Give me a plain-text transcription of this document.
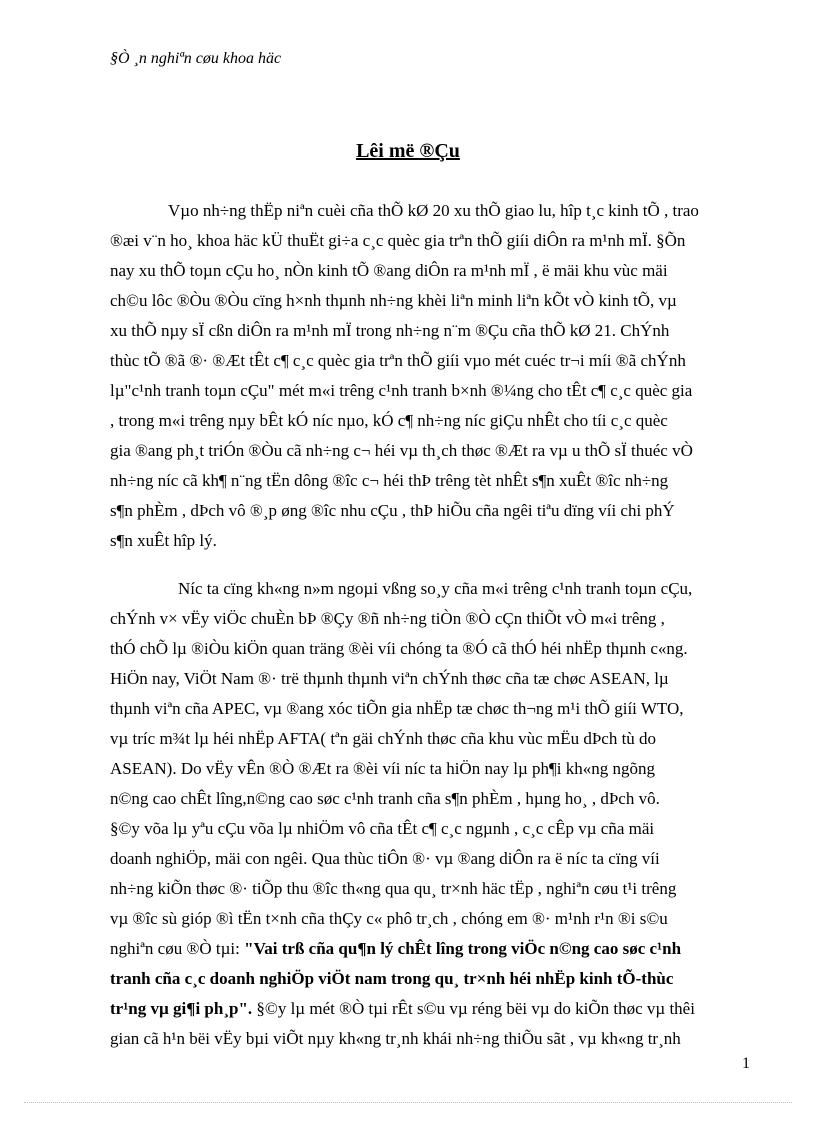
§Ò ¸n nghiªn cøu khoa häc
Lêi më ®Çu
Vµo nh÷ng thËp niªn cuèi cña thÕ kØ 20 xu thÕ giao lu, hîp t¸c kinh tÕ , trao
®æi v¨n ho¸ khoa häc kÜ thuËt gi÷a c¸c quèc gia trªn thÕ giíi diÔn ra m¹nh mÏ. §Õn
nay xu thÕ toµn cÇu ho¸ nÒn kinh tÕ ®ang diÔn ra m¹nh mÏ , ë mäi khu vùc mäi
ch©u lôc ®Òu ®Òu cïng h×nh thµnh nh÷ng khèi liªn minh liªn kÕt vÒ kinh tÕ, vµ
xu thÕ nµy sÏ cßn diÔn ra m¹nh mÏ trong nh÷ng n¨m ®Çu cña thÕ kØ 21. ChÝnh
thùc tÕ ®ã ®· ®Æt tÊt c¶ c¸c quèc gia trªn thÕ giíi vµo mét cuéc tr¬i míi ®ã chÝnh
lµ"c¹nh tranh toµn cÇu" mét m«i trêng c¹nh tranh b×nh ®¼ng cho tÊt c¶ c¸c quèc gia
, trong m«i trêng nµy bÊt kÓ níc nµo, kÓ c¶ nh÷ng níc giÇu nhÊt cho tíi c¸c quèc
gia ®ang ph¸t triÓn ®Òu cã nh÷ng c¬ héi vµ th¸ch thøc ®Æt ra vµ u thÕ sÏ thuéc vÒ
nh÷ng níc cã kh¶ n¨ng tËn dông ®îc c¬ héi thÞ trêng tèt nhÊt s¶n xuÊt ®îc nh÷ng
s¶n phÈm , dÞch vô ®¸p øng ®îc nhu cÇu , thÞ hiÕu cña ngêi tiªu dïng víi chi phÝ
s¶n xuÊt hîp lý.
Níc ta cïng kh«ng n»m ngoµi vßng so¸y cña m«i trêng c¹nh tranh toµn cÇu,
chÝnh v× vËy viÖc chuÈn bÞ ®Çy ®ñ nh÷ng tiÒn ®Ò cÇn thiÕt vÒ m«i trêng ,
thÓ chÕ lµ ®iÒu kiÖn quan träng ®èi víi chóng ta ®Ó cã thÓ héi nhËp thµnh c«ng.
HiÖn nay, ViÖt Nam ®· trë thµnh thµnh viªn chÝnh thøc cña tæ chøc ASEAN, lµ
thµnh viªn cña APEC, vµ ®ang xóc tiÕn gia nhËp tæ chøc th¬ng m¹i thÕ giíi WTO,
vµ tríc m¾t lµ héi nhËp AFTA( tªn gäi chÝnh thøc cña khu vùc mËu dÞch tù do
ASEAN). Do vËy vÊn ®Ò ®Æt ra ®èi víi níc ta hiÖn nay lµ ph¶i kh«ng ngõng
n©ng cao chÊt lîng,n©ng cao søc c¹nh tranh cña s¶n phÈm , hµng ho¸ , dÞch vô.
§©y võa lµ yªu cÇu võa lµ nhiÖm vô cña tÊt c¶ c¸c ngµnh , c¸c cÊp vµ cña mäi
doanh nghiÖp, mäi con ngêi. Qua thùc tiÔn ®· vµ ®ang diÔn ra ë níc ta cïng víi
nh÷ng kiÕn thøc ®· tiÕp thu ®îc th«ng qua qu¸ tr×nh häc tËp , nghiªn cøu t¹i trêng
vµ ®îc sù gióp ®ì tËn t×nh cña thÇy c« phô tr¸ch , chóng em ®· m¹nh r¹n ®i s©u
nghiªn cøu ®Ò tµi: "Vai trß cña qu¶n lý chÊt lîng trong viÖc n©ng cao søc c¹nh
tranh cña c¸c doanh nghiÖp viÖt nam trong qu¸ tr×nh héi nhËp kinh tÕ-thùc
tr¹ng vµ gi¶i ph¸p". §©y lµ mét ®Ò tµi rÊt s©u vµ réng bëi vµ do kiÕn thøc vµ thêi
gian cã h¹n bëi vËy bµi viÕt nµy kh«ng tr¸nh khái nh÷ng thiÕu sãt , vµ kh«ng tr¸nh
1
